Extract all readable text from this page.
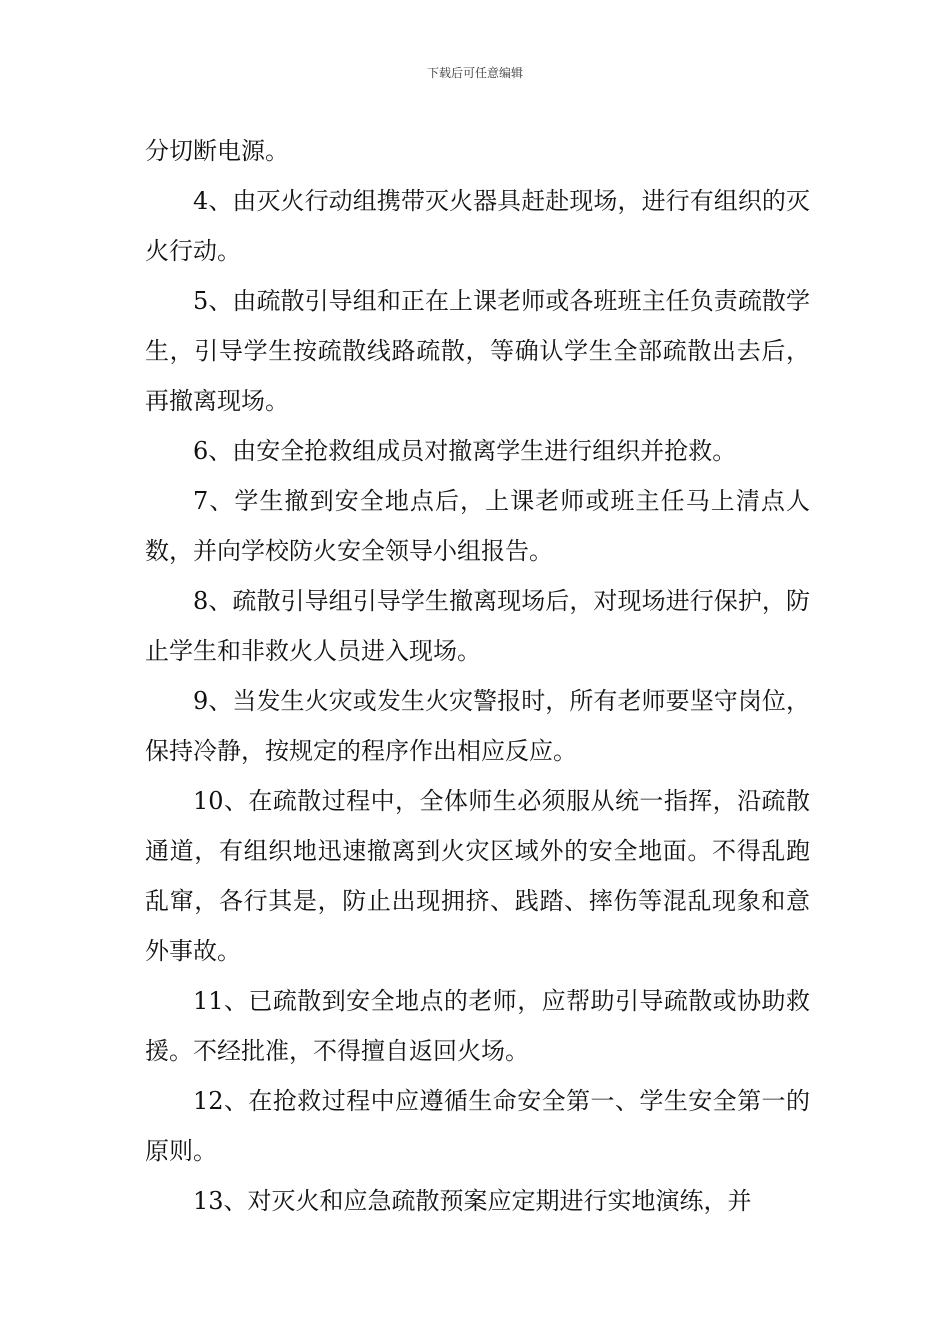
下载后可任意编辑

分切断电源。

4、由灭火行动组携带灭火器具赶赴现场，进行有组织的灭火行动。

5、由疏散引导组和正在上课老师或各班班主任负责疏散学生，引导学生按疏散线路疏散，等确认学生全部疏散出去后，再撤离现场。

6、由安全抢救组成员对撤离学生进行组织并抢救。

7、学生撤到安全地点后，上课老师或班主任马上清点人数，并向学校防火安全领导小组报告。

8、疏散引导组引导学生撤离现场后，对现场进行保护，防止学生和非救火人员进入现场。

9、当发生火灾或发生火灾警报时，所有老师要坚守岗位，保持冷静，按规定的程序作出相应反应。

10、在疏散过程中，全体师生必须服从统一指挥，沿疏散通道，有组织地迅速撤离到火灾区域外的安全地面。不得乱跑乱窜，各行其是，防止出现拥挤、践踏、摔伤等混乱现象和意外事故。

11、已疏散到安全地点的老师，应帮助引导疏散或协助救援。不经批准，不得擅自返回火场。

12、在抢救过程中应遵循生命安全第一、学生安全第一的原则。

13、对灭火和应急疏散预案应定期进行实地演练，并
